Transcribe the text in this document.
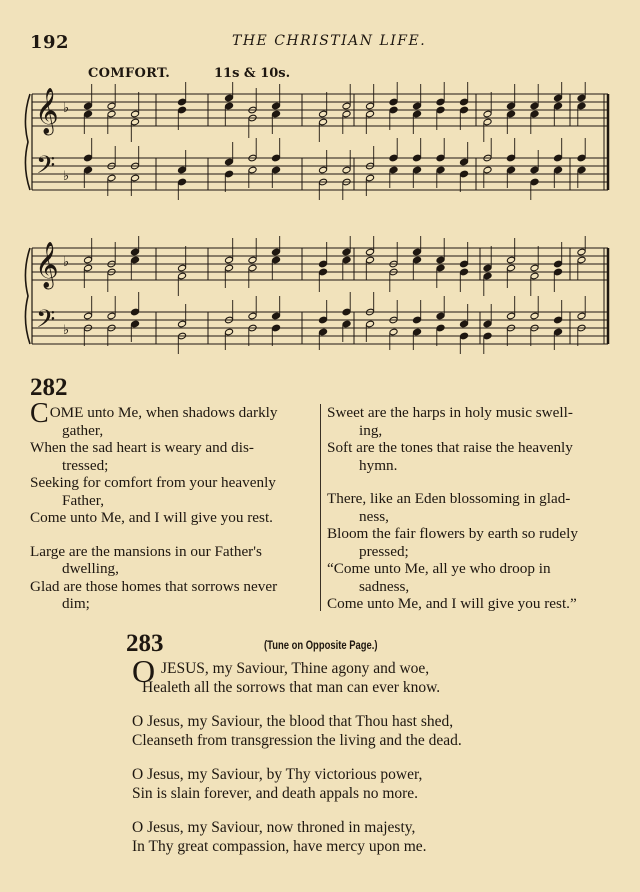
192	THE CHRISTIAN LIFE.
COMFORT.	11s & 10s.
𝄞
𝄢
♭
♭
𝄞
𝄢
♭
♭
282
COME unto Me, when shadows darkly
gather,
When the sad heart is weary and dis-
tressed;
Seeking for comfort from your heavenly
Father,
Come unto Me, and I will give you rest.
Large are the mansions in our Father's
dwelling,
Glad are those homes that sorrows never
dim;
Sweet are the harps in holy music swell-
ing,
Soft are the tones that raise the heavenly
hymn.
There, like an Eden blossoming in glad-
ness,
Bloom the fair flowers by earth so rudely
pressed;
“Come unto Me, all ye who droop in
sadness,
Come unto Me, and I will give you rest.”
283	(Tune on Opposite Page.)
O JESUS, my Saviour, Thine agony and woe,
Healeth all the sorrows that man can ever know.
O Jesus, my Saviour, the blood that Thou hast shed,
Cleanseth from transgression the living and the dead.
O Jesus, my Saviour, by Thy victorious power,
Sin is slain forever, and death appals no more.
O Jesus, my Saviour, now throned in majesty,
In Thy great compassion, have mercy upon me.
